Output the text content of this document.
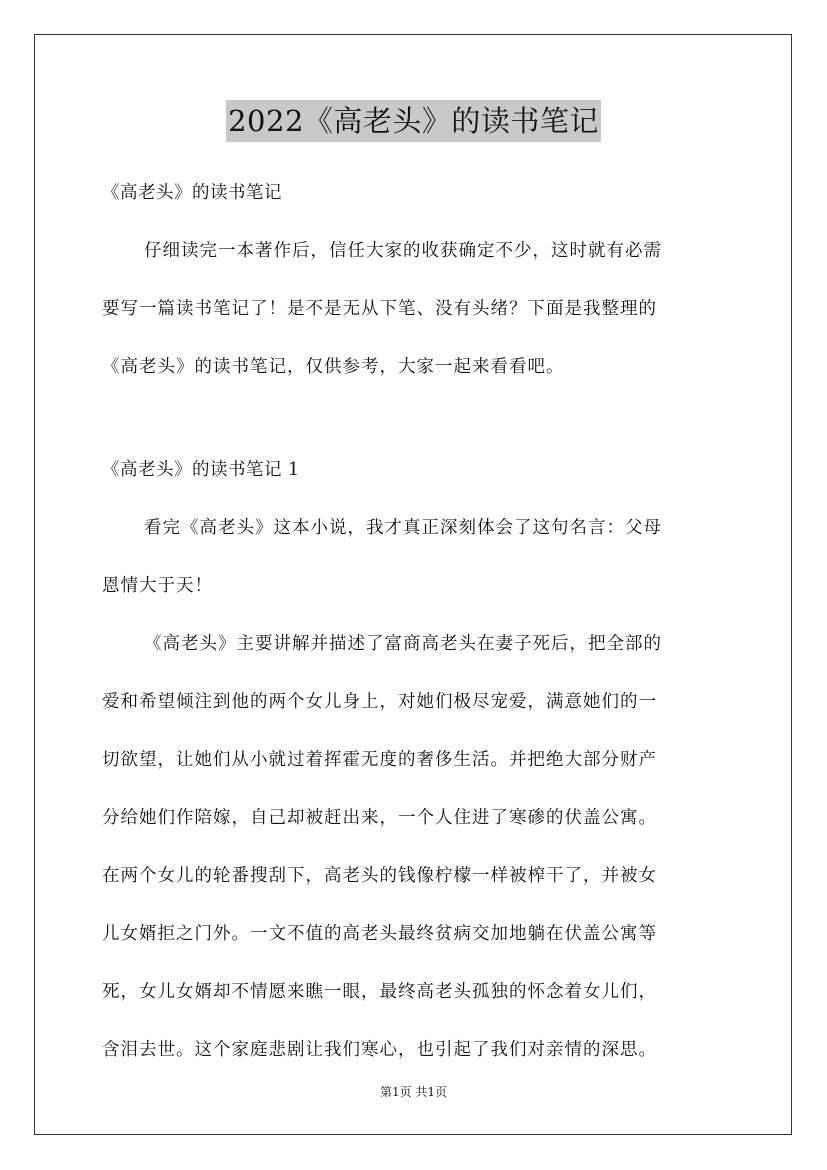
2022《高老头》的读书笔记
《高老头》的读书笔记
仔细读完一本著作后，信任大家的收获确定不少，这时就有必需
要写一篇读书笔记了！是不是无从下笔、没有头绪？下面是我整理的
《高老头》的读书笔记，仅供参考，大家一起来看看吧。
《高老头》的读书笔记 1
看完《高老头》这本小说，我才真正深刻体会了这句名言：父母
恩情大于天！
《高老头》主要讲解并描述了富商高老头在妻子死后，把全部的
爱和希望倾注到他的两个女儿身上，对她们极尽宠爱，满意她们的一
切欲望，让她们从小就过着挥霍无度的奢侈生活。并把绝大部分财产
分给她们作陪嫁，自己却被赶出来，一个人住进了寒碜的伏盖公寓。
在两个女儿的轮番搜刮下，高老头的钱像柠檬一样被榨干了，并被女
儿女婿拒之门外。一文不值的高老头最终贫病交加地躺在伏盖公寓等
死，女儿女婿却不情愿来瞧一眼，最终高老头孤独的怀念着女儿们，
含泪去世。这个家庭悲剧让我们寒心，也引起了我们对亲情的深思。
第1页 共1页
